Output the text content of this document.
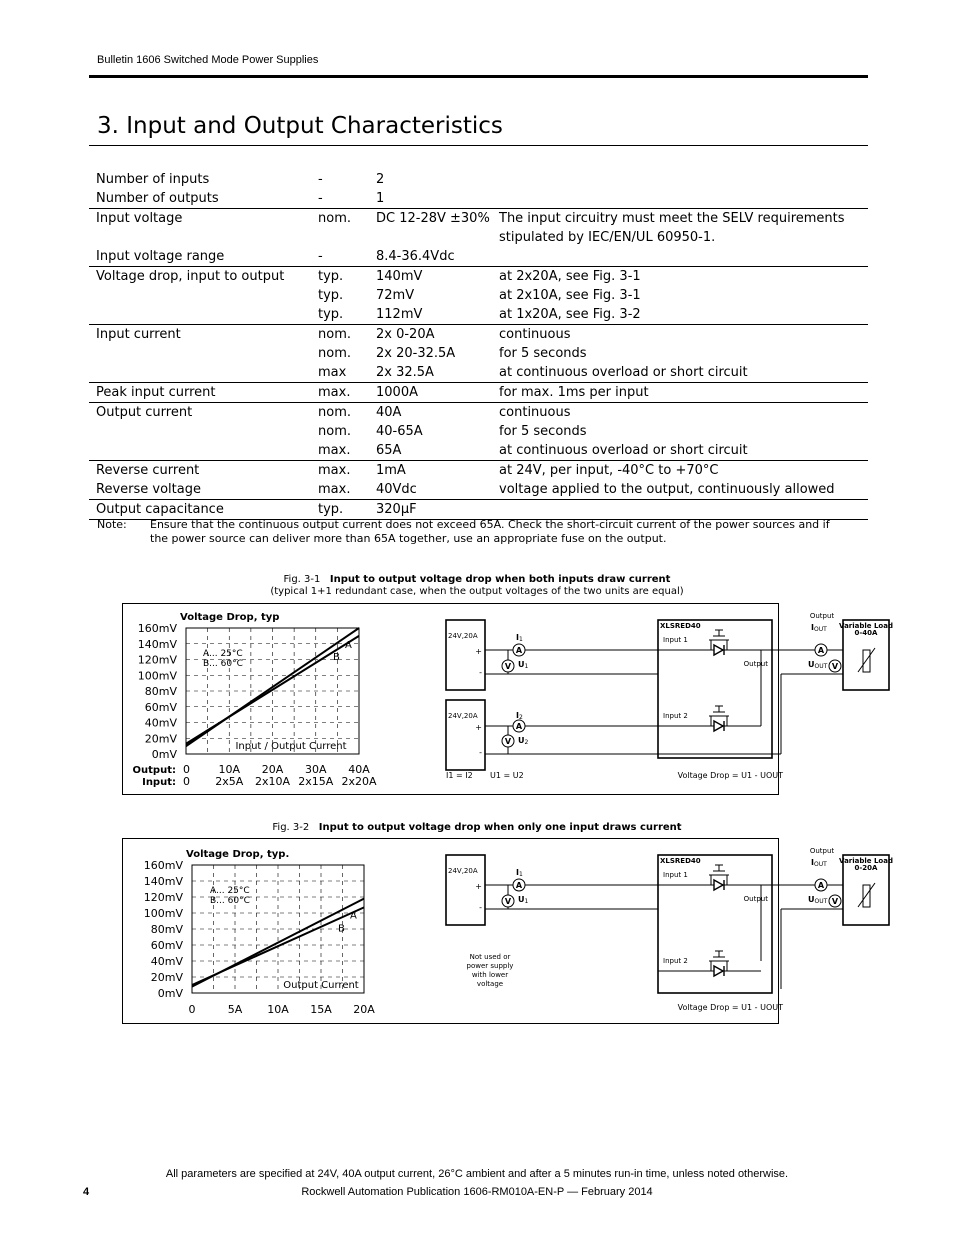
Bulletin 1606 Switched Mode Power Supplies
3. Input and Output Characteristics
Number of inputs	-	2	
Number of outputs	-	1	
Input voltage	nom.	DC 12-28V ±30%	The input circuitry must meet the SELV requirements stipulated by IEC/EN/UL 60950-1.
Input voltage range	-	8.4-36.4Vdc	
Voltage drop, input to output	typ.	140mV	at 2x20A, see Fig. 3-1
	typ.	72mV	at 2x10A, see Fig. 3-1
	typ.	112mV	at 1x20A, see Fig. 3-2
Input current	nom.	2x 0-20A	continuous
	nom.	2x 20-32.5A	for 5 seconds
	max	2x 32.5A	at continuous overload or short circuit
Peak input current	max.	1000A	for max. 1ms per input
Output current	nom.	40A	continuous
	nom.	40-65A	for 5 seconds
	max.	65A	at continuous overload or short circuit
Reverse current	max.	1mA	at 24V, per input, -40°C to +70°C
Reverse voltage	max.	40Vdc	voltage applied to the output, continuously allowed
Output capacitance	typ.	320μF	
Note: Ensure that the continuous output current does not exceed 65A. Check the short-circuit current of the power sources and if the power source can deliver more than 65A together, use an appropriate fuse on the output.
Fig. 3-1 Input to output voltage drop when both inputs draw current
(typical 1+1 redundant case, when the output voltages of the two units are equal)
Voltage Drop, typ
0mV
20mV
40mV
60mV
80mV
100mV
120mV
140mV
160mV
A
B
A... 25°C
B... 60°C
Input / Output Current
Output:
Input:
0
0
10A
2x5A
20A
2x10A
30A
2x15A
40A
2x20A
XLSRED40
24V,20A
+
-
A
V
I1
U1
Input 1
Output
Output
IOUT
A
V
UOUT
Variable Load
0-40A
24V,20A
+
-
A
V
I2
U2
Input 2
I1 = I2 U1 = U2	Voltage Drop = U1 - UOUT
Fig. 3-2 Input to output voltage drop when only one input draws current
Voltage Drop, typ.
0mV
20mV
40mV
60mV
80mV
100mV
120mV
140mV
160mV
A
B
A... 25°C
B... 60°C
Output Current
0	5A 10A 15A 20A
XLSRED40
24V,20A
+
-
A
V
I1
U1
Input 1
Output
Output
IOUT
A
V
UOUT
Variable Load
0-20A
Input 2
Not used or
power supply
with lower
voltage
Voltage Drop = U1 - UOUT
All parameters are specified at 24V, 40A output current, 26°C ambient and after a 5 minutes run-in time, unless noted otherwise.
4	Rockwell Automation Publication 1606-RM010A-EN-P — February 2014
